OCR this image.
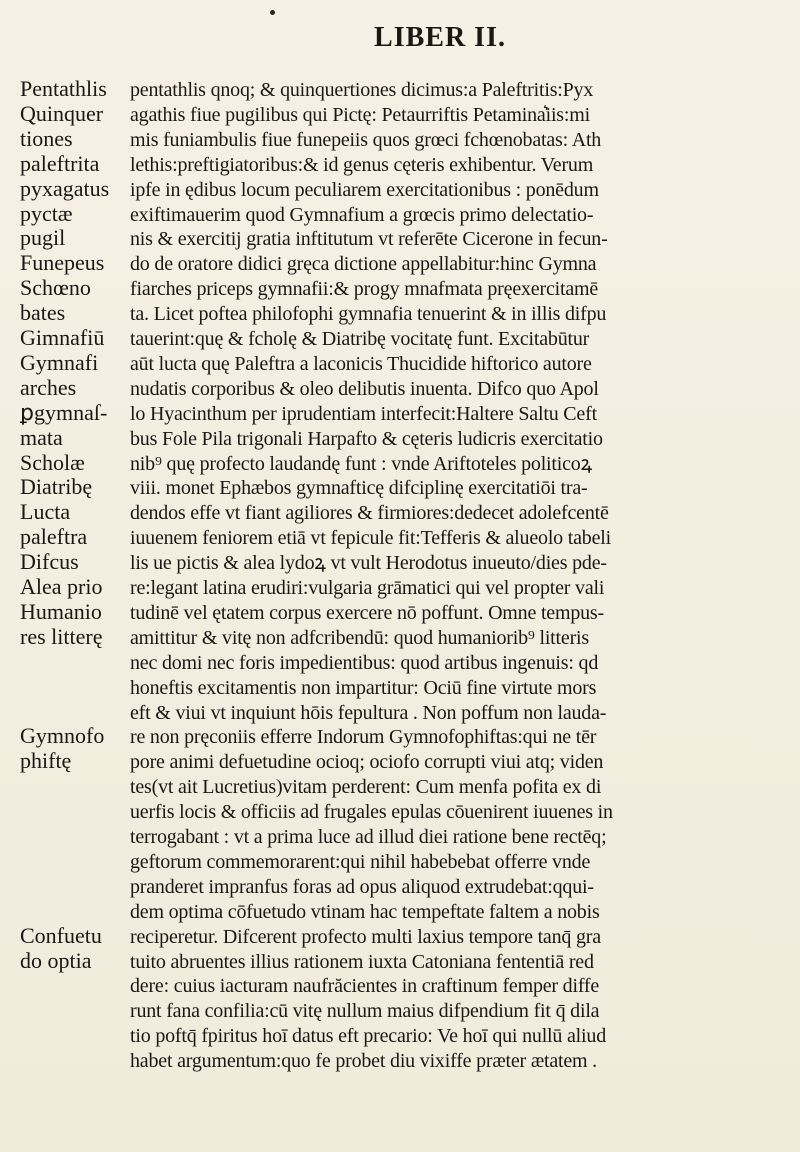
LIBER II.
Pentathlis
Quinquer
tiones
paleftrita
pyxagatus
pyctæ
pugil
Funepeus
Schœno
bates
Gimnafiū
Gymnafi
arches
ꝑgymnaſ-
mata
Scholæ
Diatribę
Lucta
paleftra
Difcus
Alea prio
Humanio
res litterę
Gymnofo
phiftę
Confuetu
do optia
pentathlis qnoq; & quinquertiones dicimus:a Paleftritis:Pyx
agathis fiue pugilibus qui Pictę: Petaurriftis Petamina͛iis:mi
mis funiambulis fiue funepeiis quos grœci fchœnobatas: Ath
lethis:preftigiatoribus:& id genus cęteris exhibentur. Verum
ipfe in ędibus locum peculiarem exercitationibus : ponēdum
exiftimauerim quod Gymnafium a grœcis primo delectatio-
nis & exercitij gratia inftitutum vt referēte Cicerone in fecun-
do de oratore didici gręca dictione appellabitur:hinc Gymna
fiarches priceps gymnafii:& progy mnafmata pręexercitamē
ta. Licet poftea philofophi gymnafia tenuerint & in illis difpu
tauerint:quę & fcholę & Diatribę vocitatę funt. Excitabūtur
aūt lucta quę Paleftra a laconicis Thucidide hiftorico autore
nudatis corporibus & oleo delibutis inuenta. Difco quo Apol
lo Hyacinthum per iprudentiam interfecit:Haltere Saltu Ceft
bus Fole Pila trigonali Harpafto & cęteris ludicris exercitatio
nib⁹ quę profecto laudandę funt : vnde Ariftoteles politicoꝝ
viii. monet Ephæbos gymnafticę difciplinę exercitatiōi tra-
dendos effe vt fiant agiliores & firmiores:dedecet adolefcentē
iuuenem feniorem etiā vt fepicule fit:Tefferis & alueolo tabeli
lis ue pictis & alea lydoꝝ vt vult Herodotus inueuto/dies pde-
re:legant latina erudiri:vulgaria grāmatici qui vel propter vali
tudinē vel ętatem corpus exercere nō poffunt. Omne tempus-
amittitur & vitę non adfcribendū: quod humaniorib⁹ litteris
nec domi nec foris impedientibus: quod artibus ingenuis: qd
honeftis excitamentis non impartitur: Ociū fine virtute mors
eft & viui vt inquiunt hōis fepultura . Non poffum non lauda-
re non pręconiis efferre Indorum Gymnofophiftas:qui ne tēr
pore animi defuetudine ocioq; ociofo corrupti viui atq; viden
tes(vt ait Lucretius)vitam perderent: Cum menfa pofita ex di
uerfis locis & officiis ad frugales epulas cōuenirent iuuenes in
terrogabant : vt a prima luce ad illud diei ratione bene rectēq;
geftorum commemorarent:qui nihil habebebat offerre vnde
pranderet impranfus foras ad opus aliquod extrudebat:qqui-
dem optima cōfuetudo vtinam hac tempeftate faltem a nobis
reciperetur. Difcerent profecto multi laxius tempore tanq̄ gra
tuito abruentes illius rationem iuxta Catoniana fententiā red
dere: cuius iacturam naufrăcientes in craftinum femper diffe
runt fana confilia:cū vitę nullum maius difpendium fit q̄ dila
tio poftq̄ fpiritus hoī datus eft precario: Ve hoī qui nullū aliud
habet argumentum:quo fe probet diu vixiffe præter ætatem .
